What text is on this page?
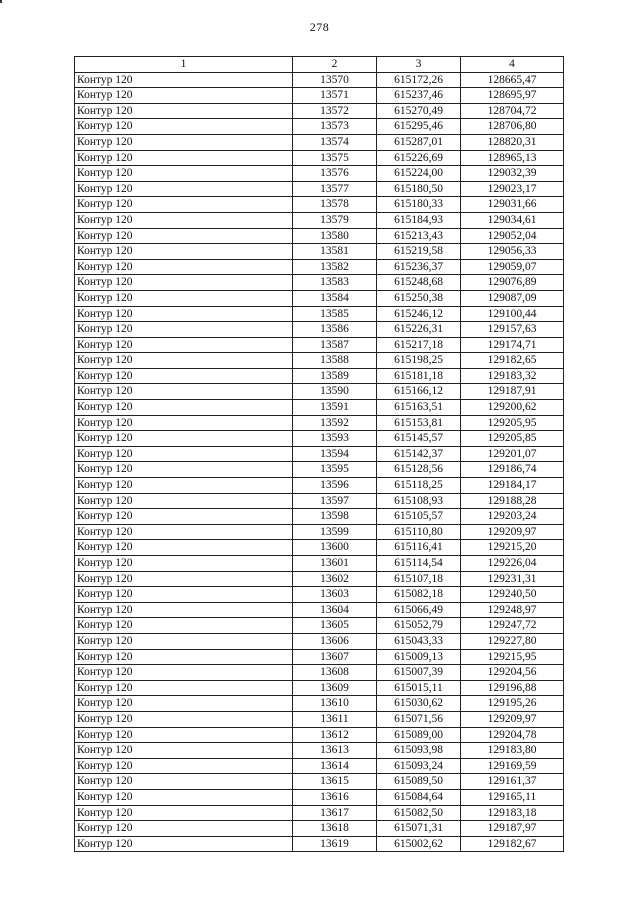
278
1	2	3	4
Контур 120	13570	615172,26	128665,47
Контур 120	13571	615237,46	128695,97
Контур 120	13572	615270,49	128704,72
Контур 120	13573	615295,46	128706,80
Контур 120	13574	615287,01	128820,31
Контур 120	13575	615226,69	128965,13
Контур 120	13576	615224,00	129032,39
Контур 120	13577	615180,50	129023,17
Контур 120	13578	615180,33	129031,66
Контур 120	13579	615184,93	129034,61
Контур 120	13580	615213,43	129052,04
Контур 120	13581	615219,58	129056,33
Контур 120	13582	615236,37	129059,07
Контур 120	13583	615248,68	129076,89
Контур 120	13584	615250,38	129087,09
Контур 120	13585	615246,12	129100,44
Контур 120	13586	615226,31	129157,63
Контур 120	13587	615217,18	129174,71
Контур 120	13588	615198,25	129182,65
Контур 120	13589	615181,18	129183,32
Контур 120	13590	615166,12	129187,91
Контур 120	13591	615163,51	129200,62
Контур 120	13592	615153,81	129205,95
Контур 120	13593	615145,57	129205,85
Контур 120	13594	615142,37	129201,07
Контур 120	13595	615128,56	129186,74
Контур 120	13596	615118,25	129184,17
Контур 120	13597	615108,93	129188,28
Контур 120	13598	615105,57	129203,24
Контур 120	13599	615110,80	129209,97
Контур 120	13600	615116,41	129215,20
Контур 120	13601	615114,54	129226,04
Контур 120	13602	615107,18	129231,31
Контур 120	13603	615082,18	129240,50
Контур 120	13604	615066,49	129248,97
Контур 120	13605	615052,79	129247,72
Контур 120	13606	615043,33	129227,80
Контур 120	13607	615009,13	129215,95
Контур 120	13608	615007,39	129204,56
Контур 120	13609	615015,11	129196,88
Контур 120	13610	615030,62	129195,26
Контур 120	13611	615071,56	129209,97
Контур 120	13612	615089,00	129204,78
Контур 120	13613	615093,98	129183,80
Контур 120	13614	615093,24	129169,59
Контур 120	13615	615089,50	129161,37
Контур 120	13616	615084,64	129165,11
Контур 120	13617	615082,50	129183,18
Контур 120	13618	615071,31	129187,97
Контур 120	13619	615002,62	129182,67
